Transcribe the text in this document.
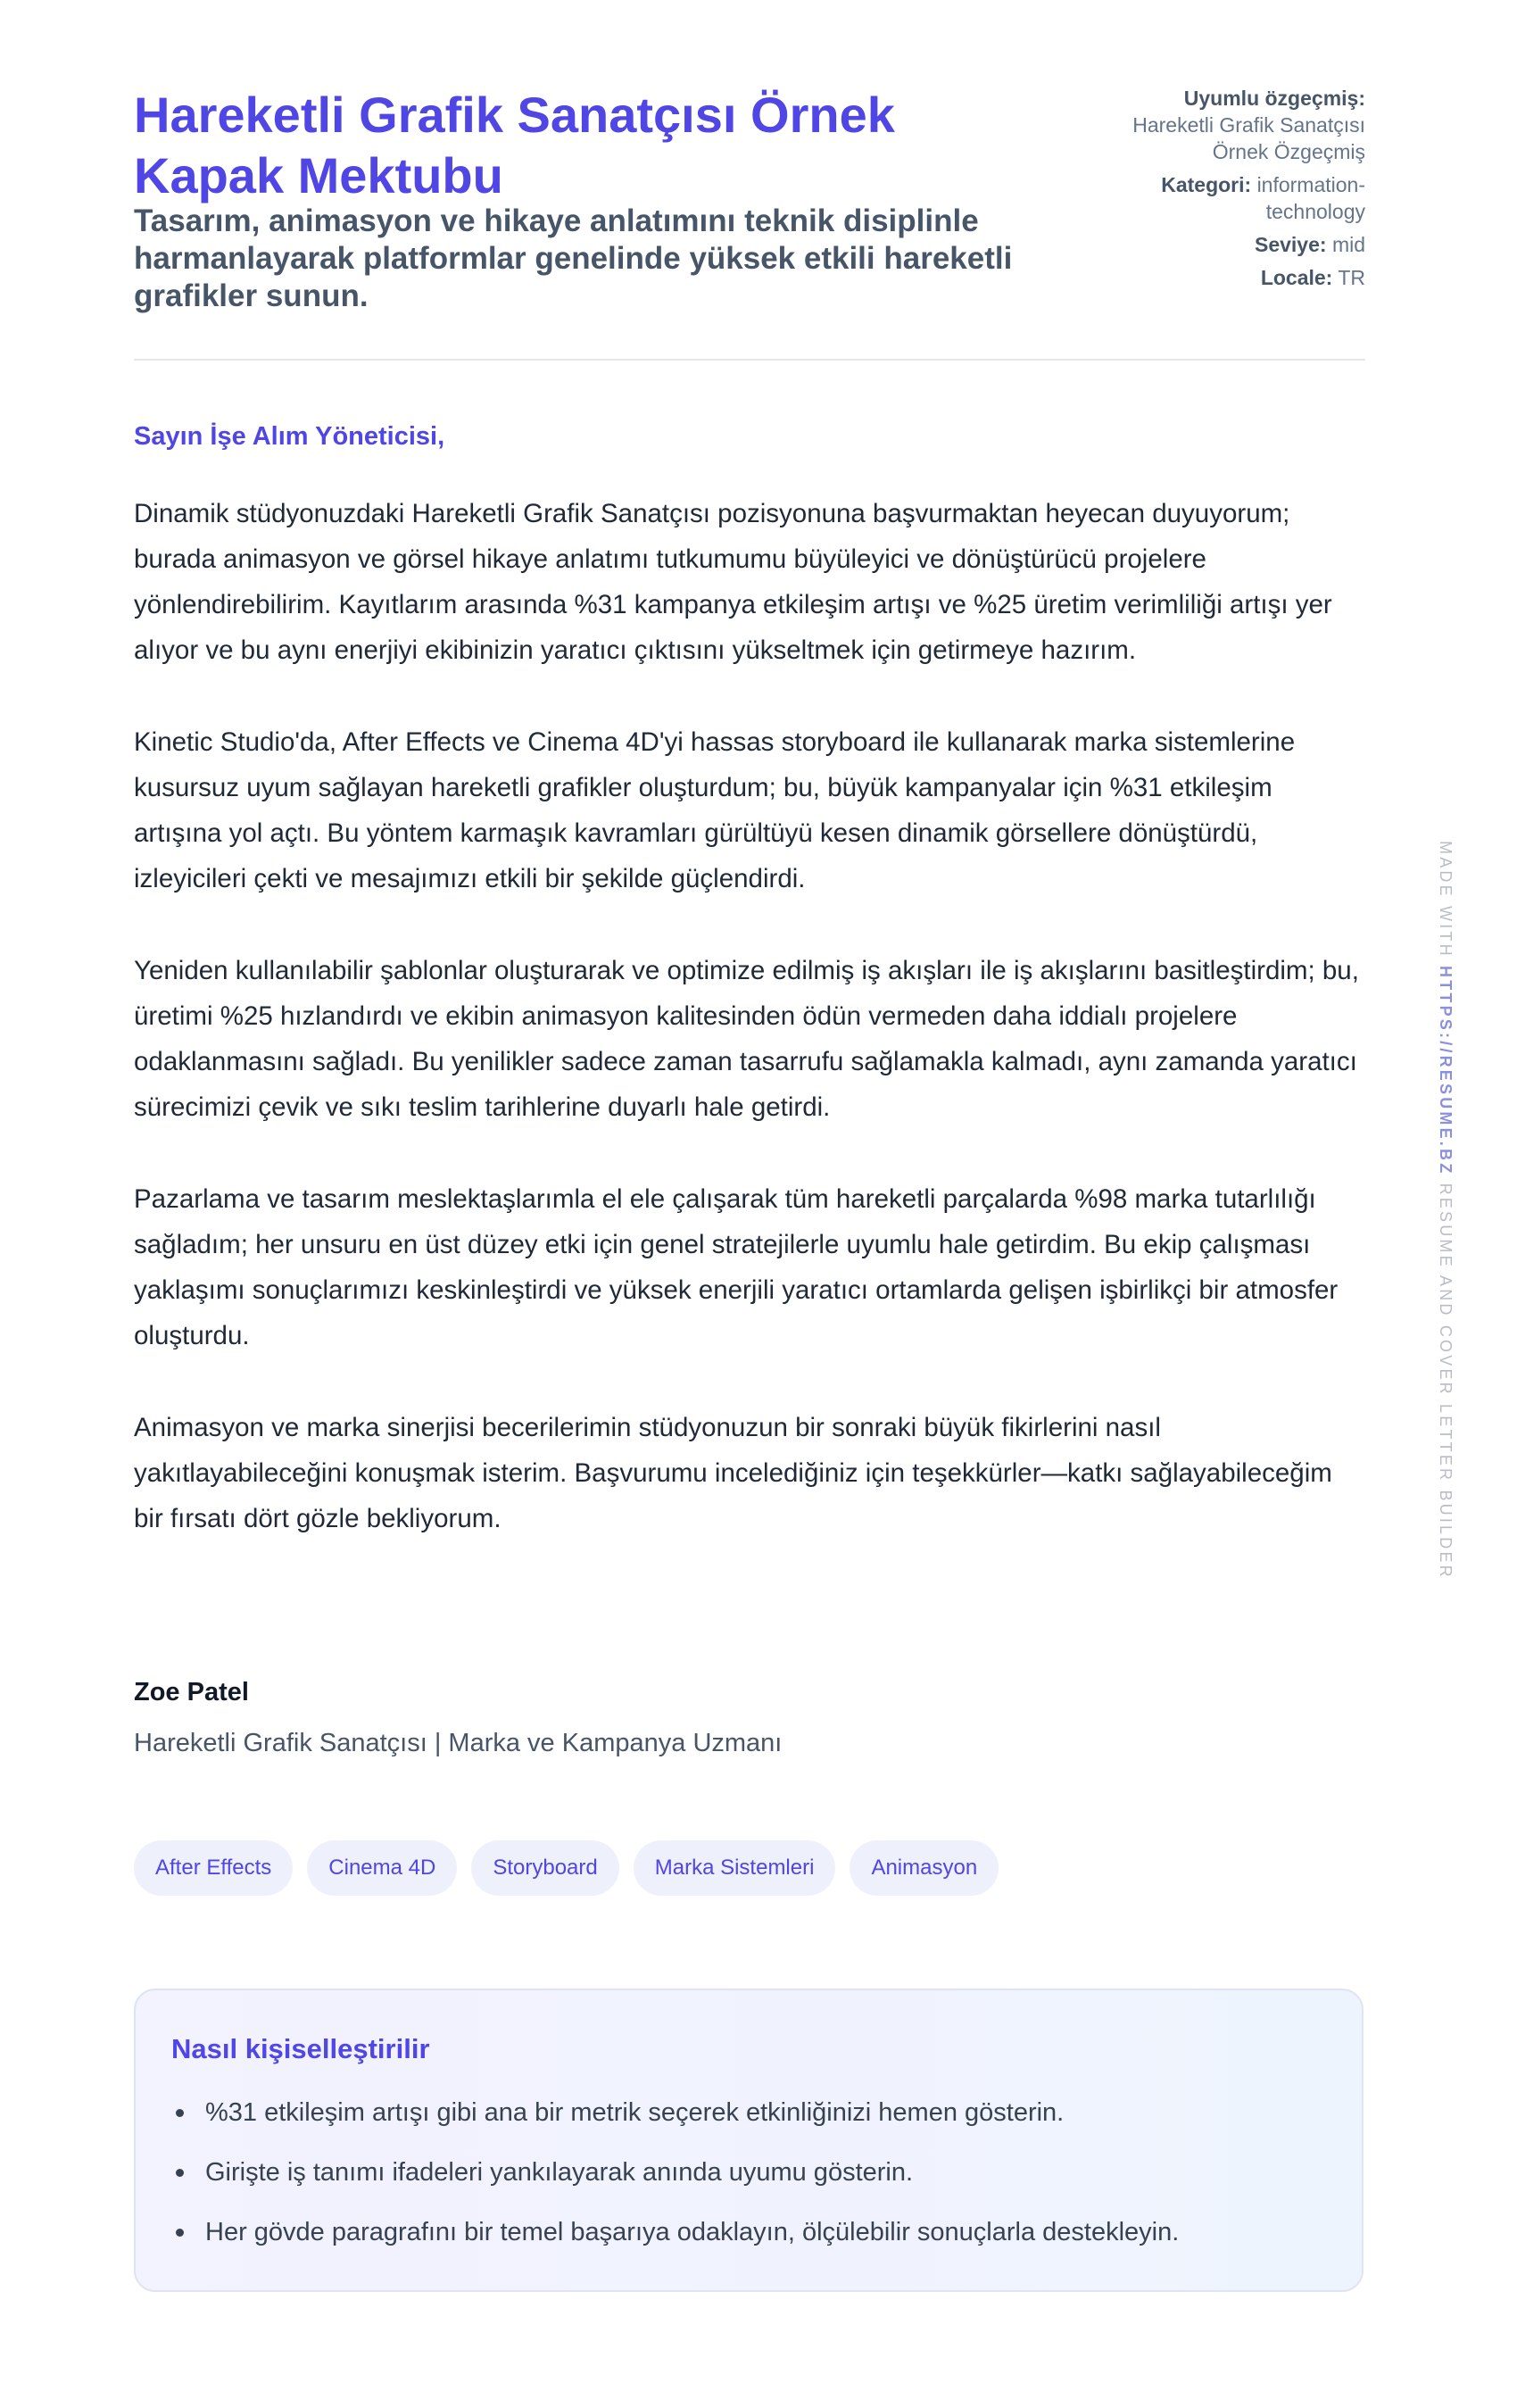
Hareketli Grafik Sanatçısı Örnek Kapak Mektubu

Tasarım, animasyon ve hikaye anlatımını teknik disiplinle harmanlayarak platformlar genelinde yüksek etkili hareketli grafikler sunun.

Uyumlu özgeçmiş:
Hareketli Grafik Sanatçısı Örnek Özgeçmiş
Kategori: information-technology
Seviye: mid
Locale: TR
Sayın İşe Alım Yöneticisi,

Dinamik stüdyonuzdaki Hareketli Grafik Sanatçısı pozisyonuna başvurmaktan heyecan duyuyorum; burada animasyon ve görsel hikaye anlatımı tutkumumu büyüleyici ve dönüştürücü projelere yönlendirebilirim. Kayıtlarım arasında %31 kampanya etkileşim artışı ve %25 üretim verimliliği artışı yer alıyor ve bu aynı enerjiyi ekibinizin yaratıcı çıktısını yükseltmek için getirmeye hazırım.

Kinetic Studio'da, After Effects ve Cinema 4D'yi hassas storyboard ile kullanarak marka sistemlerine kusursuz uyum sağlayan hareketli grafikler oluşturdum; bu, büyük kampanyalar için %31 etkileşim artışına yol açtı. Bu yöntem karmaşık kavramları gürültüyü kesen dinamik görsellere dönüştürdü, izleyicileri çekti ve mesajımızı etkili bir şekilde güçlendirdi.

Yeniden kullanılabilir şablonlar oluşturarak ve optimize edilmiş iş akışları ile iş akışlarını basitleştirdim; bu, üretimi %25 hızlandırdı ve ekibin animasyon kalitesinden ödün vermeden daha iddialı projelere odaklanmasını sağladı. Bu yenilikler sadece zaman tasarrufu sağlamakla kalmadı, aynı zamanda yaratıcı sürecimizi çevik ve sıkı teslim tarihlerine duyarlı hale getirdi.

Pazarlama ve tasarım meslektaşlarımla el ele çalışarak tüm hareketli parçalarda %98 marka tutarlılığı sağladım; her unsuru en üst düzey etki için genel stratejilerle uyumlu hale getirdim. Bu ekip çalışması yaklaşımı sonuçlarımızı keskinleştirdi ve yüksek enerjili yaratıcı ortamlarda gelişen işbirlikçi bir atmosfer oluşturdu.

Animasyon ve marka sinerjisi becerilerimin stüdyonuzun bir sonraki büyük fikirlerini nasıl yakıtlayabileceğini konuşmak isterim. Başvurumu incelediğiniz için teşekkürler—katkı sağlayabileceğim bir fırsatı dört gözle bekliyorum.

Zoe Patel
Hareketli Grafik Sanatçısı | Marka ve Kampanya Uzmanı
After Effects	Cinema 4D	Storyboard	Marka Sistemleri	Animasyon
Nasıl kişiselleştirilir
%31 etkileşim artışı gibi ana bir metrik seçerek etkinliğinizi hemen gösterin.
Girişte iş tanımı ifadeleri yankılayarak anında uyumu gösterin.
Her gövde paragrafını bir temel başarıya odaklayın, ölçülebilir sonuçlarla destekleyin.
MADE WITH HTTPS://RESUME.BZ RESUME AND COVER LETTER BUILDER
